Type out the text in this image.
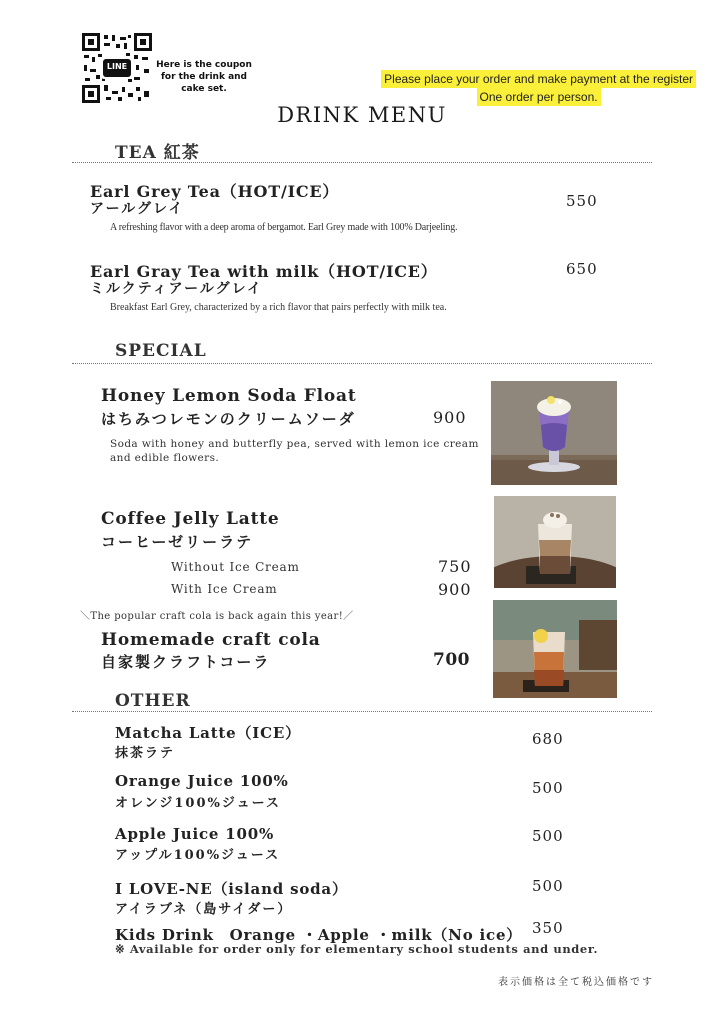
LINE	Here is the coupon for the drink and cake set.
Please place your order and make payment at the register
One order per person.
DRINK MENU
TEA 紅茶
Earl Grey Tea（HOT/ICE）
アールグレイ	550
A refreshing flavor with a deep aroma of bergamot. Earl Grey made with 100% Darjeeling.
Earl Gray Tea with milk（HOT/ICE）	650
ミルクティアールグレイ
Breakfast Earl Grey, characterized by a rich flavor that pairs perfectly with milk tea.
SPECIAL
Honey Lemon Soda Float
はちみつレモンのクリームソーダ	900
Soda with honey and butterfly pea, served with lemon ice cream and edible flowers.
Coffee Jelly Latte
コーヒーゼリーラテ
Without Ice Cream	750
With Ice Cream	900
＼The popular craft cola is back again this year!／
Homemade craft cola
自家製クラフトコーラ	700
OTHER
Matcha Latte（ICE）
抹茶ラテ
680
Orange Juice 100%
オレンジ100%ジュース
500
Apple Juice 100%
アップル100%ジュース
500
I LOVE-NE（island soda）
アイラブネ（島サイダー）
500
Kids Drink　Orange ・Apple ・milk（No ice） 350
※ Available for order only for elementary school students and under.
表示価格は全て税込価格です
